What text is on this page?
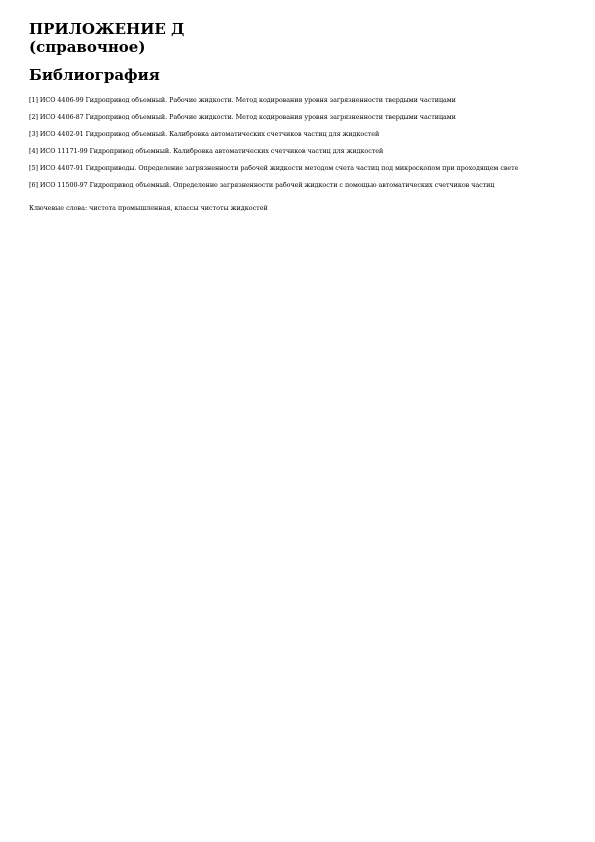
ПРИЛОЖЕНИЕ Д

(справочное)

Библиография

[1] ИСО 4406-99 Гидропривод объемный. Рабочие жидкости. Метод кодирования уровня загрязненности твердыми частицами

[2] ИСО 4406-87 Гидропривод объемный. Рабочие жидкости. Метод кодирования уровня загрязненности твердыми частицами

[3] ИСО 4402-91 Гидропривод объемный. Калибровка автоматических счетчиков частиц для жидкостей

[4] ИСО 11171-99 Гидропривод объемный. Калибровка автоматических счетчиков частиц для жидкостей

[5] ИСО 4407-91 Гидроприводы. Определение загрязненности рабочей жидкости методом счета частиц под микроскопом при проходящем свете

[6] ИСО 11500-97 Гидропривод объемный. Определение загрязненности рабочей жидкости с помощью автоматических счетчиков частиц

Ключевые слова: чистота промышленная, классы чистоты жидкостей
